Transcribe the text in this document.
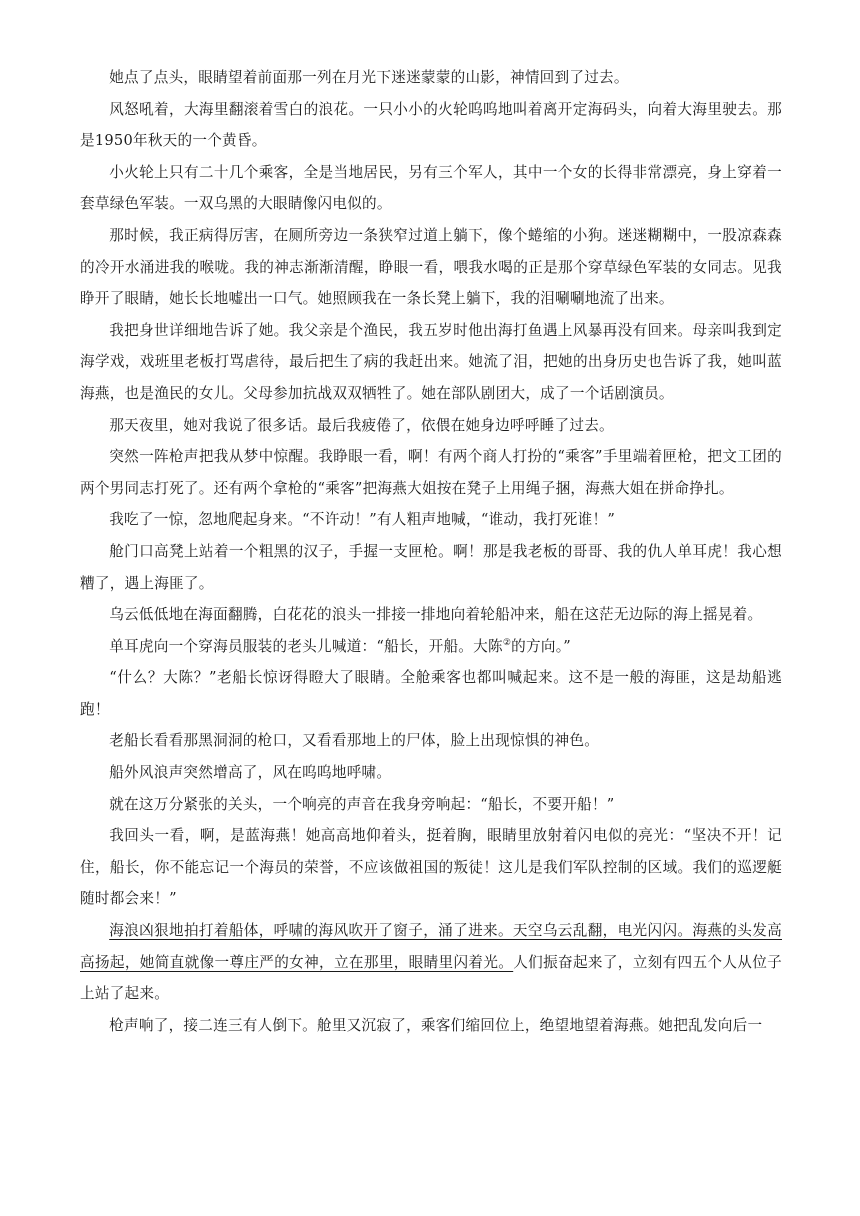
她点了点头，眼睛望着前面那一列在月光下迷迷蒙蒙的山影，神情回到了过去。

风怒吼着，大海里翻滚着雪白的浪花。一只小小的火轮呜呜地叫着离开定海码头，向着大海里驶去。那是1950年秋天的一个黄昏。

小火轮上只有二十几个乘客，全是当地居民，另有三个军人，其中一个女的长得非常漂亮，身上穿着一套草绿色军装。一双乌黑的大眼睛像闪电似的。

那时候，我正病得厉害，在厕所旁边一条狭窄过道上躺下，像个蜷缩的小狗。迷迷糊糊中，一股凉森森的冷开水涌进我的喉咙。我的神志渐渐清醒，睁眼一看，喂我水喝的正是那个穿草绿色军装的女同志。见我睁开了眼睛，她长长地嘘出一口气。她照顾我在一条长凳上躺下，我的泪唰唰地流了出来。

我把身世详细地告诉了她。我父亲是个渔民，我五岁时他出海打鱼遇上风暴再没有回来。母亲叫我到定海学戏，戏班里老板打骂虐待，最后把生了病的我赶出来。她流了泪，把她的出身历史也告诉了我，她叫蓝海燕，也是渔民的女儿。父母参加抗战双双牺牲了。她在部队剧团大，成了一个话剧演员。

那天夜里，她对我说了很多话。最后我疲倦了，依偎在她身边呼呼睡了过去。

突然一阵枪声把我从梦中惊醒。我睁眼一看，啊！有两个商人打扮的“乘客”手里端着匣枪，把文工团的两个男同志打死了。还有两个拿枪的“乘客”把海燕大姐按在凳子上用绳子捆，海燕大姐在拼命挣扎。

我吃了一惊，忽地爬起身来。“不许动！”有人粗声地喊，“谁动，我打死谁！”

舱门口高凳上站着一个粗黑的汉子，手握一支匣枪。啊！那是我老板的哥哥、我的仇人单耳虎！我心想糟了，遇上海匪了。

乌云低低地在海面翻腾，白花花的浪头一排接一排地向着轮船冲来，船在这茫无边际的海上摇晃着。

单耳虎向一个穿海员服装的老头儿喊道：“船长，开船。大陈②的方向。”

“什么？大陈？”老船长惊讶得瞪大了眼睛。全舱乘客也都叫喊起来。这不是一般的海匪，这是劫船逃跑！

老船长看看那黑洞洞的枪口，又看看那地上的尸体，脸上出现惊惧的神色。

船外风浪声突然增高了，风在呜呜地呼啸。

就在这万分紧张的关头，一个响亮的声音在我身旁响起：“船长，不要开船！”

我回头一看，啊，是蓝海燕！她高高地仰着头，挺着胸，眼睛里放射着闪电似的亮光：“坚决不开！记住，船长，你不能忘记一个海员的荣誉，不应该做祖国的叛徒！这儿是我们军队控制的区域。我们的巡逻艇随时都会来！”

海浪凶狠地拍打着船体，呼啸的海风吹开了窗子，涌了进来。天空乌云乱翻，电光闪闪。海燕的头发高高扬起，她简直就像一尊庄严的女神，立在那里，眼睛里闪着光。人们振奋起来了，立刻有四五个人从位子上站了起来。

枪声响了，接二连三有人倒下。舱里又沉寂了，乘客们缩回位上，绝望地望着海燕。她把乱发向后一
